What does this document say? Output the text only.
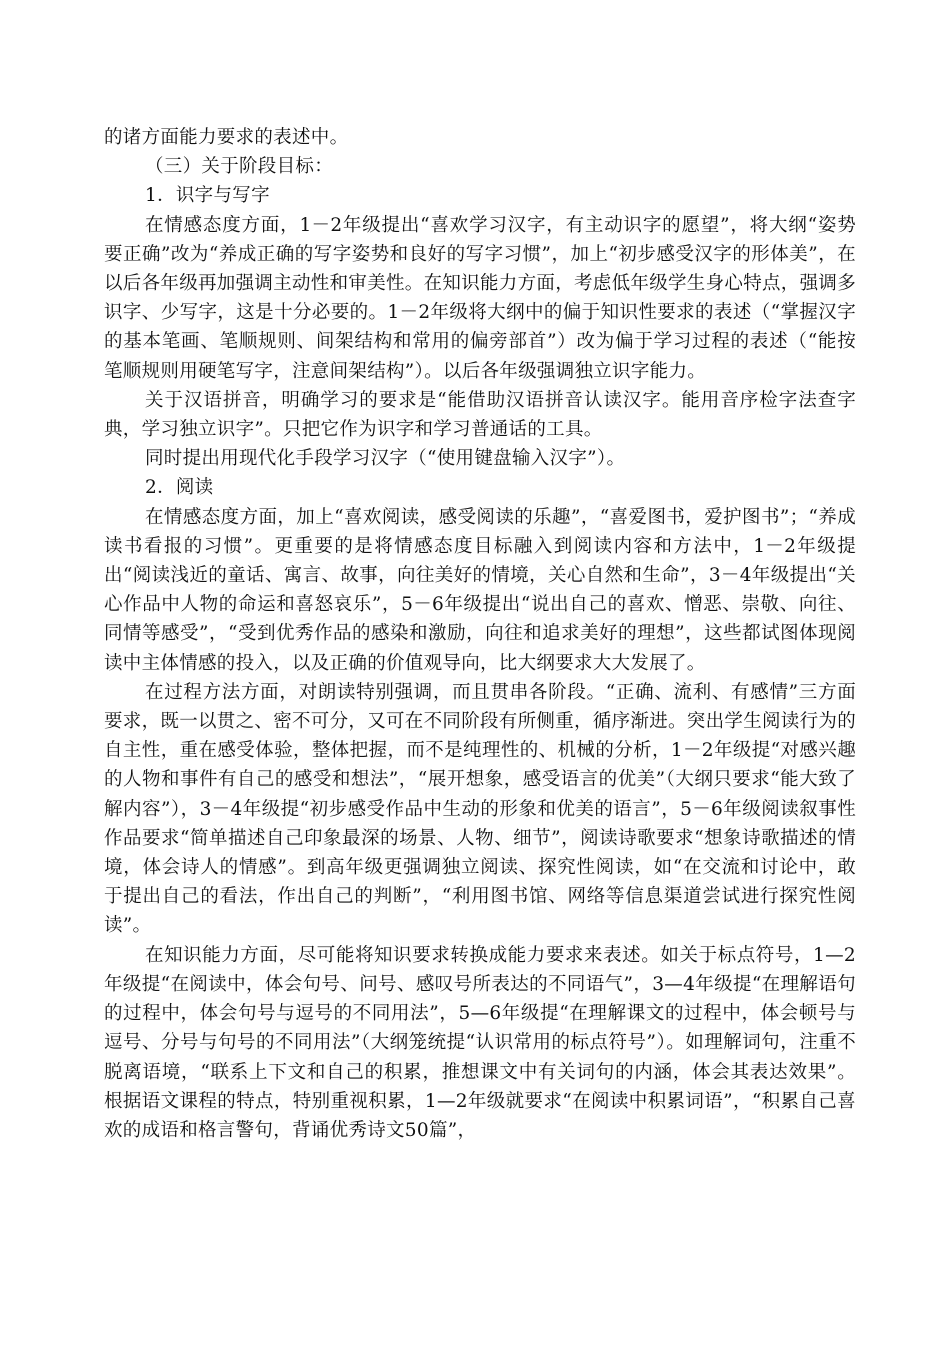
的诸方面能力要求的表述中。

（三）关于阶段目标：

1．识字与写字

在情感态度方面，1－2年级提出“喜欢学习汉字，有主动识字的愿望”，将大纲“姿势要正确”改为“养成正确的写字姿势和良好的写字习惯”，加上“初步感受汉字的形体美”，在以后各年级再加强调主动性和审美性。在知识能力方面，考虑低年级学生身心特点，强调多识字、少写字，这是十分必要的。1－2年级将大纲中的偏于知识性要求的表述（“掌握汉字的基本笔画、笔顺规则、间架结构和常用的偏旁部首”）改为偏于学习过程的表述（“能按笔顺规则用硬笔写字，注意间架结构”）。以后各年级强调独立识字能力。

关于汉语拼音，明确学习的要求是“能借助汉语拼音认读汉字。能用音序检字法查字典，学习独立识字”。只把它作为识字和学习普通话的工具。

同时提出用现代化手段学习汉字（“使用键盘输入汉字”）。

2．阅读

在情感态度方面，加上“喜欢阅读，感受阅读的乐趣”，“喜爱图书，爱护图书”；“养成读书看报的习惯”。更重要的是将情感态度目标融入到阅读内容和方法中，1－2年级提出“阅读浅近的童话、寓言、故事，向往美好的情境，关心自然和生命”，3－4年级提出“关心作品中人物的命运和喜怒哀乐”，5－6年级提出“说出自己的喜欢、憎恶、崇敬、向往、同情等感受”，“受到优秀作品的感染和激励，向往和追求美好的理想”，这些都试图体现阅读中主体情感的投入，以及正确的价值观导向，比大纲要求大大发展了。

在过程方法方面，对朗读特别强调，而且贯串各阶段。“正确、流利、有感情”三方面要求，既一以贯之、密不可分，又可在不同阶段有所侧重，循序渐进。突出学生阅读行为的自主性，重在感受体验，整体把握，而不是纯理性的、机械的分析，1－2年级提“对感兴趣的人物和事件有自己的感受和想法”，“展开想象，感受语言的优美”（大纲只要求“能大致了解内容”），3－4年级提“初步感受作品中生动的形象和优美的语言”，5－6年级阅读叙事性作品要求“简单描述自己印象最深的场景、人物、细节”，阅读诗歌要求“想象诗歌描述的情境，体会诗人的情感”。到高年级更强调独立阅读、探究性阅读，如“在交流和讨论中，敢于提出自己的看法，作出自己的判断”，“利用图书馆、网络等信息渠道尝试进行探究性阅读”。

在知识能力方面，尽可能将知识要求转换成能力要求来表述。如关于标点符号，1—2年级提“在阅读中，体会句号、问号、感叹号所表达的不同语气”，3—4年级提“在理解语句的过程中，体会句号与逗号的不同用法”，5—6年级提“在理解课文的过程中，体会顿号与逗号、分号与句号的不同用法”（大纲笼统提“认识常用的标点符号”）。如理解词句，注重不脱离语境，“联系上下文和自己的积累，推想课文中有关词句的内涵，体会其表达效果”。根据语文课程的特点，特别重视积累，1—2年级就要求“在阅读中积累词语”，“积累自己喜欢的成语和格言警句，背诵优秀诗文50篇”，
